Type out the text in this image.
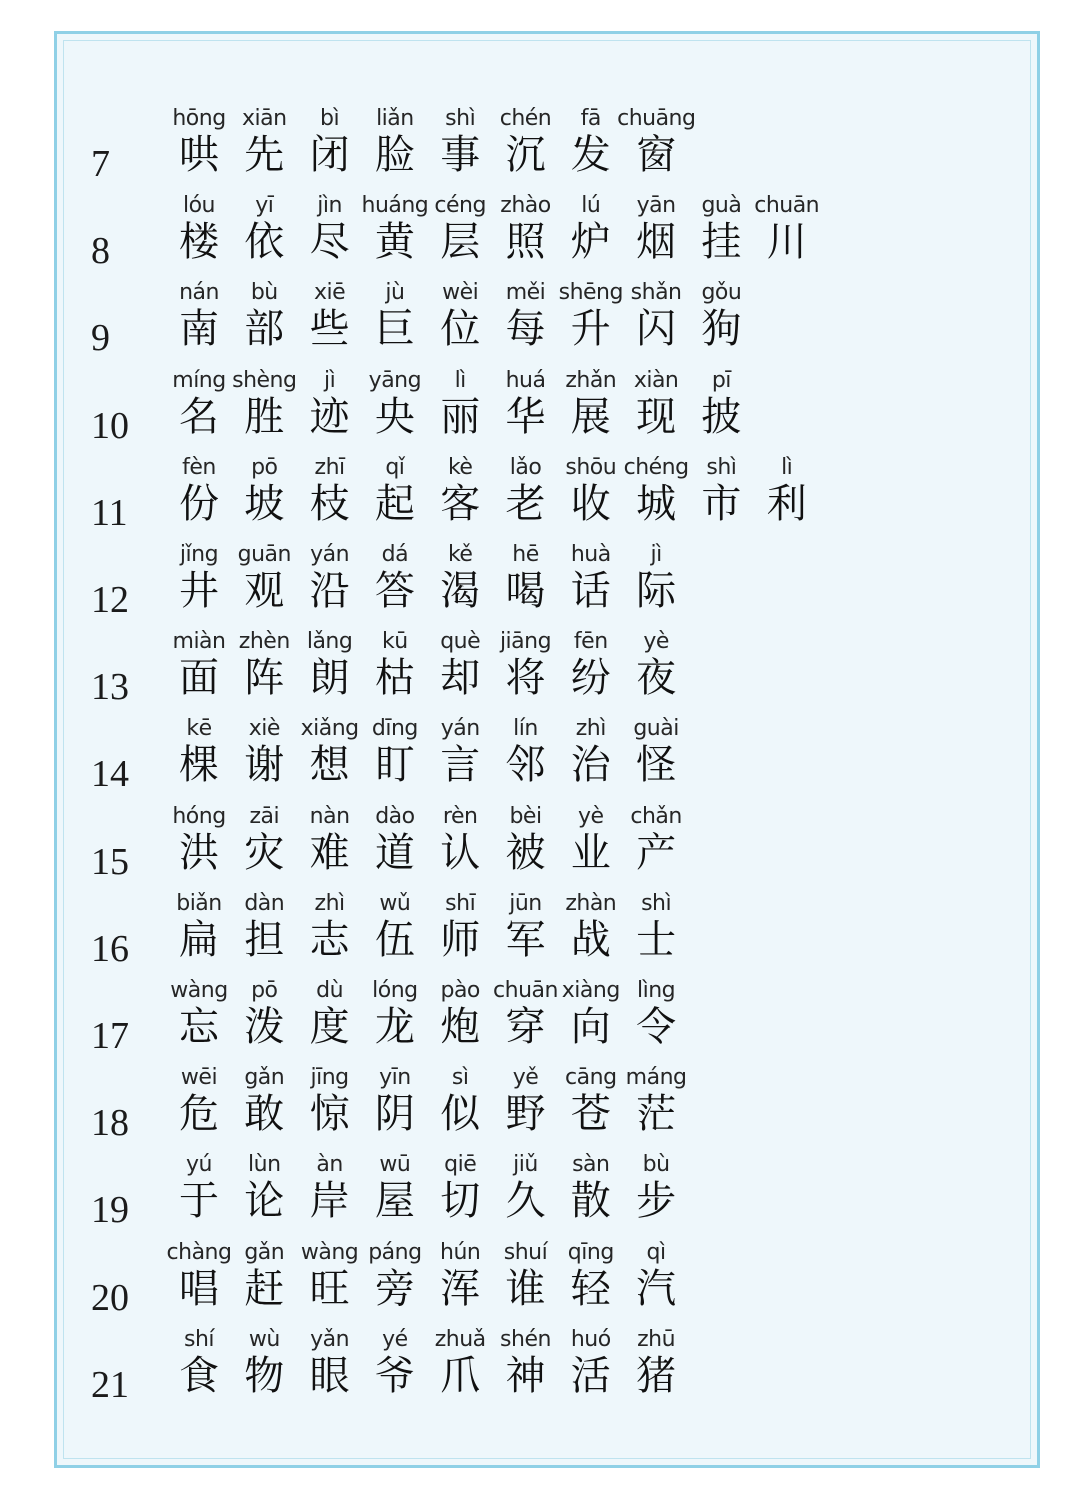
7
hōng
哄
xiān
先
bì
闭
liǎn
脸
shì
事
chén
沉
fā
发
chuāng
窗
8
lóu
楼
yī
依
jìn
尽
huáng
黄
céng
层
zhào
照
lú
炉
yān
烟
guà
挂
chuān
川
9
nán
南
bù
部
xiē
些
jù
巨
wèi
位
měi
每
shēng
升
shǎn
闪
gǒu
狗
10
míng
名
shèng
胜
jì
迹
yāng
央
lì
丽
huá
华
zhǎn
展
xiàn
现
pī
披
11
fèn
份
pō
坡
zhī
枝
qǐ
起
kè
客
lǎo
老
shōu
收
chéng
城
shì
市
lì
利
12
jǐng
井
guān
观
yán
沿
dá
答
kě
渴
hē
喝
huà
话
jì
际
13
miàn
面
zhèn
阵
lǎng
朗
kū
枯
què
却
jiāng
将
fēn
纷
yè
夜
14
kē
棵
xiè
谢
xiǎng
想
dīng
盯
yán
言
lín
邻
zhì
治
guài
怪
15
hóng
洪
zāi
灾
nàn
难
dào
道
rèn
认
bèi
被
yè
业
chǎn
产
16
biǎn
扁
dàn
担
zhì
志
wǔ
伍
shī
师
jūn
军
zhàn
战
shì
士
17
wàng
忘
pō
泼
dù
度
lóng
龙
pào
炮
chuān
穿
xiàng
向
lìng
令
18
wēi
危
gǎn
敢
jīng
惊
yīn
阴
sì
似
yě
野
cāng
苍
máng
茫
19
yú
于
lùn
论
àn
岸
wū
屋
qiē
切
jiǔ
久
sàn
散
bù
步
20
chàng
唱
gǎn
赶
wàng
旺
páng
旁
hún
浑
shuí
谁
qīng
轻
qì
汽
21
shí
食
wù
物
yǎn
眼
yé
爷
zhuǎ
爪
shén
神
huó
活
zhū
猪
